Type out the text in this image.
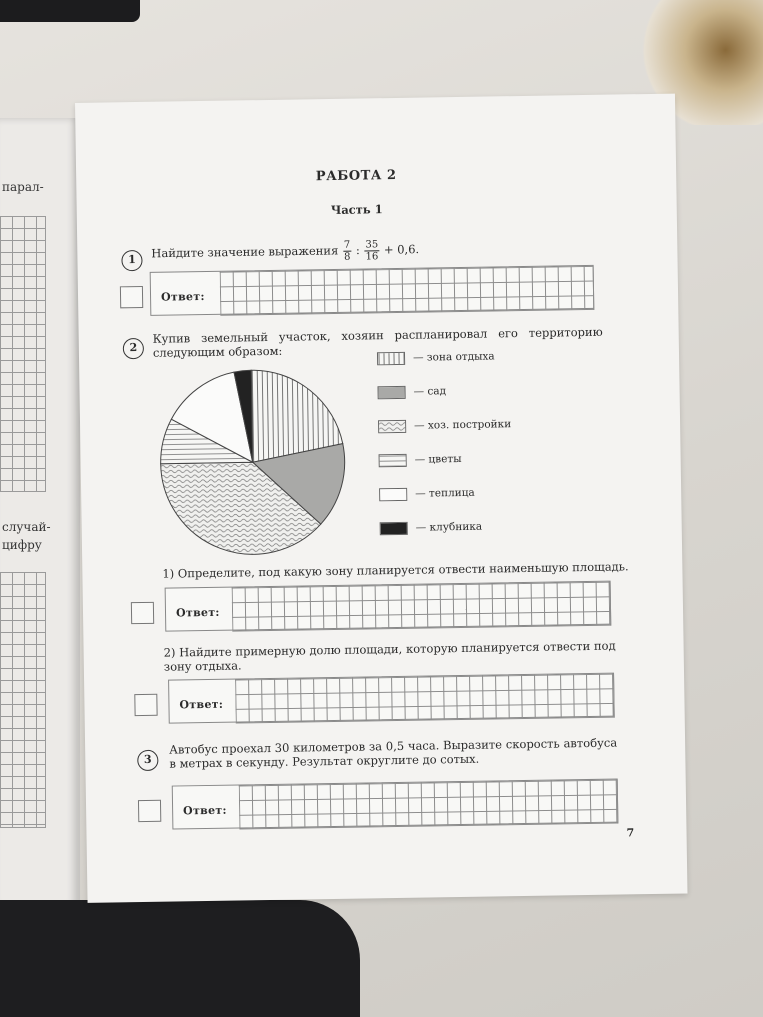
парал-
случай-
цифру
РАБОТА 2
Часть 1
1	Найдите значение выражения $\frac{7}{8}$ : $\frac{35}{16} + 0,6$.
Ответ:
2
Купив земельный участок, хозяин распланировал его территорию следующим образом:	— зона отдыха
— сад
— хоз. постройки
— цветы
— теплица
— клубника
1) Определите, под какую зону планируется отвести наименьшую площадь.
Ответ:
2) Найдите примерную долю площади, которую планируется отвести под зону отдыха.
Ответ:
3
Автобус проехал 30 километров за 0,5 часа. Выразите скорость автобуса в метрах в секунду. Результат округлите до сотых.
Ответ:
7
